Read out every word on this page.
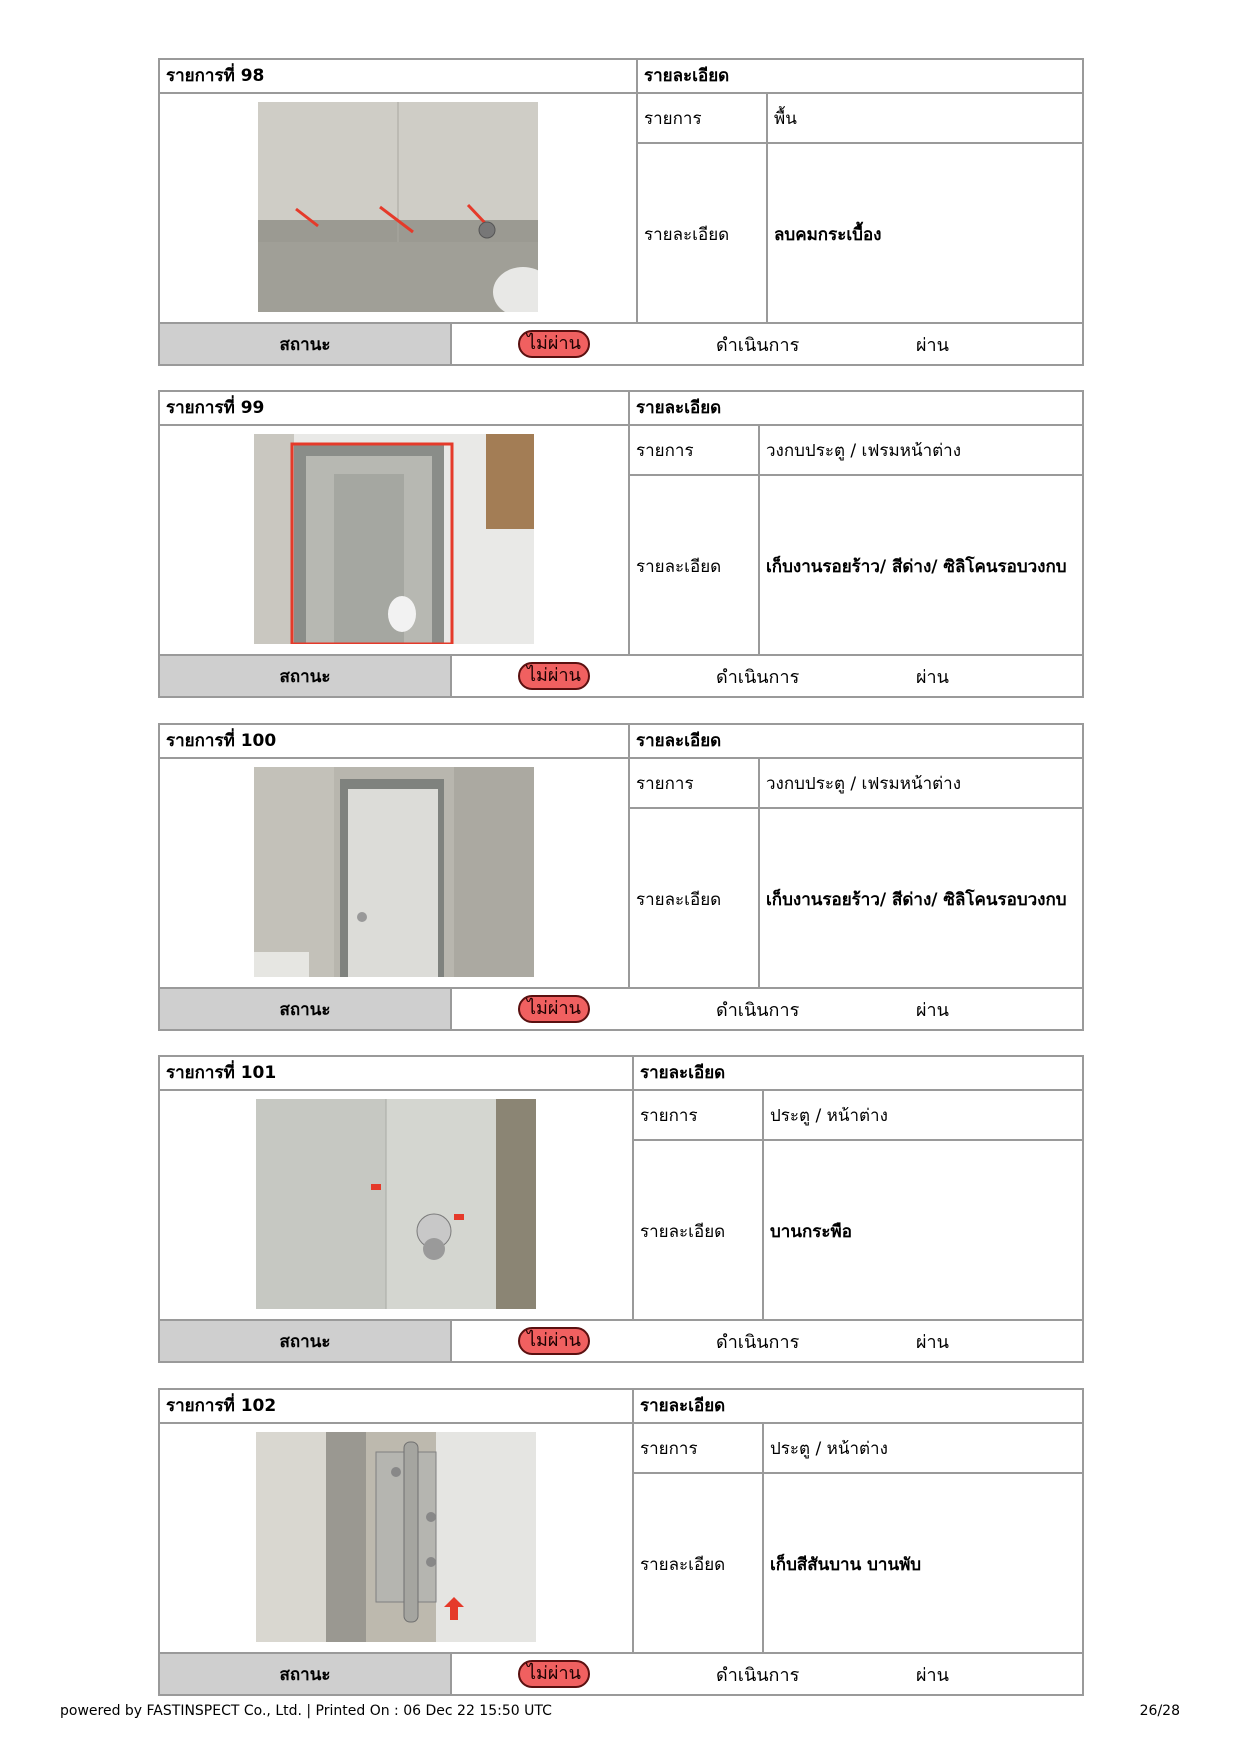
รายการที่ 98	รายละเอียด
รายการ	พื้น
รายละเอียด	ลบคมกระเบื้อง
สถานะ	ไม่ผ่าน	ดำเนินการ	ผ่าน
รายการที่ 99	รายละเอียด
รายการ	วงกบประตู / เฟรมหน้าต่าง
รายละเอียด	เก็บงานรอยร้าว/ สีด่าง/ ซิลิโคนรอบวงกบ
สถานะ	ไม่ผ่าน	ดำเนินการ	ผ่าน
รายการที่ 100	รายละเอียด
รายการ	วงกบประตู / เฟรมหน้าต่าง
รายละเอียด	เก็บงานรอยร้าว/ สีด่าง/ ซิลิโคนรอบวงกบ
สถานะ	ไม่ผ่าน	ดำเนินการ	ผ่าน
รายการที่ 101	รายละเอียด
รายการ	ประตู / หน้าต่าง
รายละเอียด	บานกระพือ
สถานะ	ไม่ผ่าน	ดำเนินการ	ผ่าน
รายการที่ 102	รายละเอียด
รายการ	ประตู / หน้าต่าง
รายละเอียด	เก็บสีสันบาน บานพับ
สถานะ	ไม่ผ่าน	ดำเนินการ	ผ่าน
powered by FASTINSPECT Co., Ltd. | Printed On : 06 Dec 22 15:50 UTC	26/28
